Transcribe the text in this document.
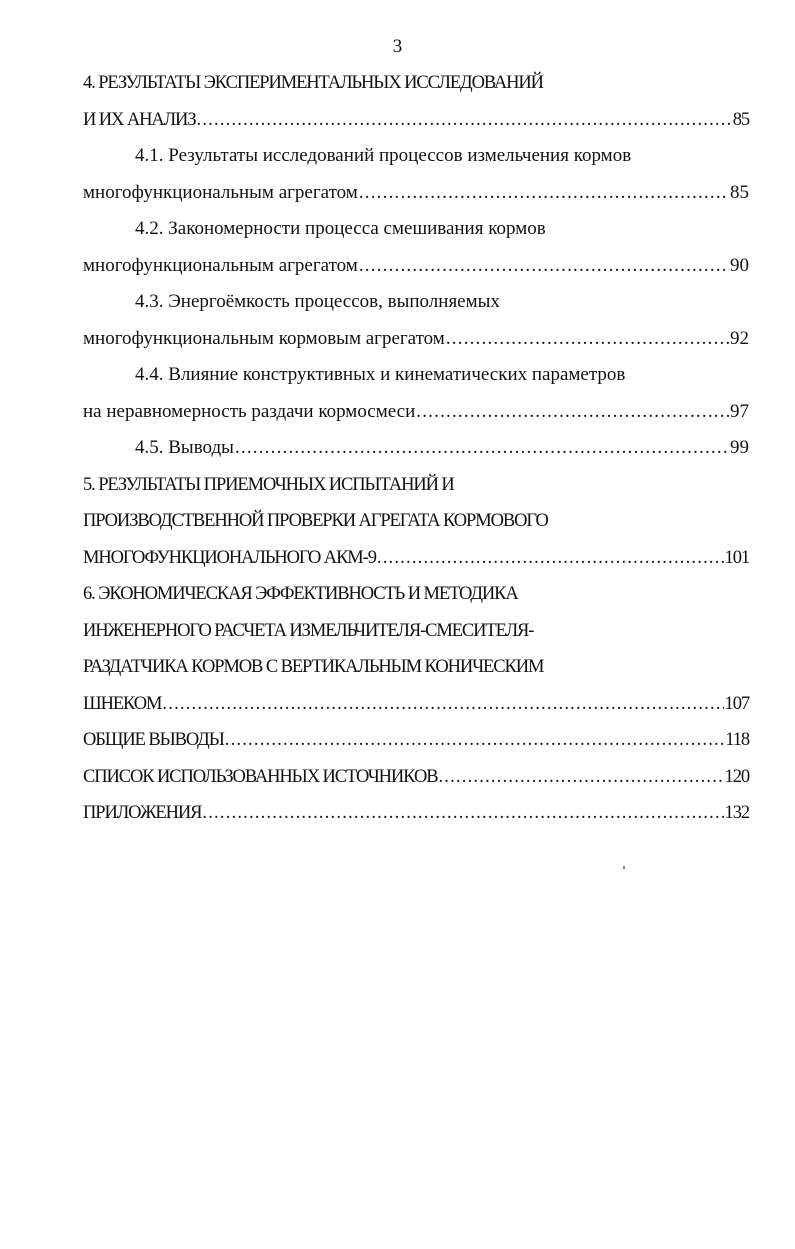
3
4. РЕЗУЛЬТАТЫ ЭКСПЕРИМЕНТАЛЬНЫХ ИССЛЕДОВАНИЙ
И ИХ АНАЛИЗ .....	85
4.1. Результаты исследований процессов измельчения кормов
многофункциональным агрегатом .....	85
4.2. Закономерности процесса смешивания кормов
многофункциональным агрегатом .....	90
4.3. Энергоёмкость процессов, выполняемых
многофункциональным кормовым агрегатом .....	92
4.4. Влияние конструктивных и кинематических параметров
на неравномерность раздачи кормосмеси .....	97
4.5. Выводы .....	99
5. РЕЗУЛЬТАТЫ ПРИЕМОЧНЫХ ИСПЫТАНИЙ И
ПРОИЗВОДСТВЕННОЙ ПРОВЕРКИ АГРЕГАТА КОРМОВОГО
МНОГОФУНКЦИОНАЛЬНОГО АКМ-9 .....	101
6. ЭКОНОМИЧЕСКАЯ ЭФФЕКТИВНОСТЬ И МЕТОДИКА
ИНЖЕНЕРНОГО РАСЧЕТА ИЗМЕЛЬЧИТЕЛЯ-СМЕСИТЕЛЯ-
РАЗДАТЧИКА КОРМОВ С ВЕРТИКАЛЬНЫМ КОНИЧЕСКИМ
ШНЕКОМ .....	107
ОБЩИЕ ВЫВОДЫ .....	118
СПИСОК ИСПОЛЬЗОВАННЫХ ИСТОЧНИКОВ .....	120
ПРИЛОЖЕНИЯ .....	132
